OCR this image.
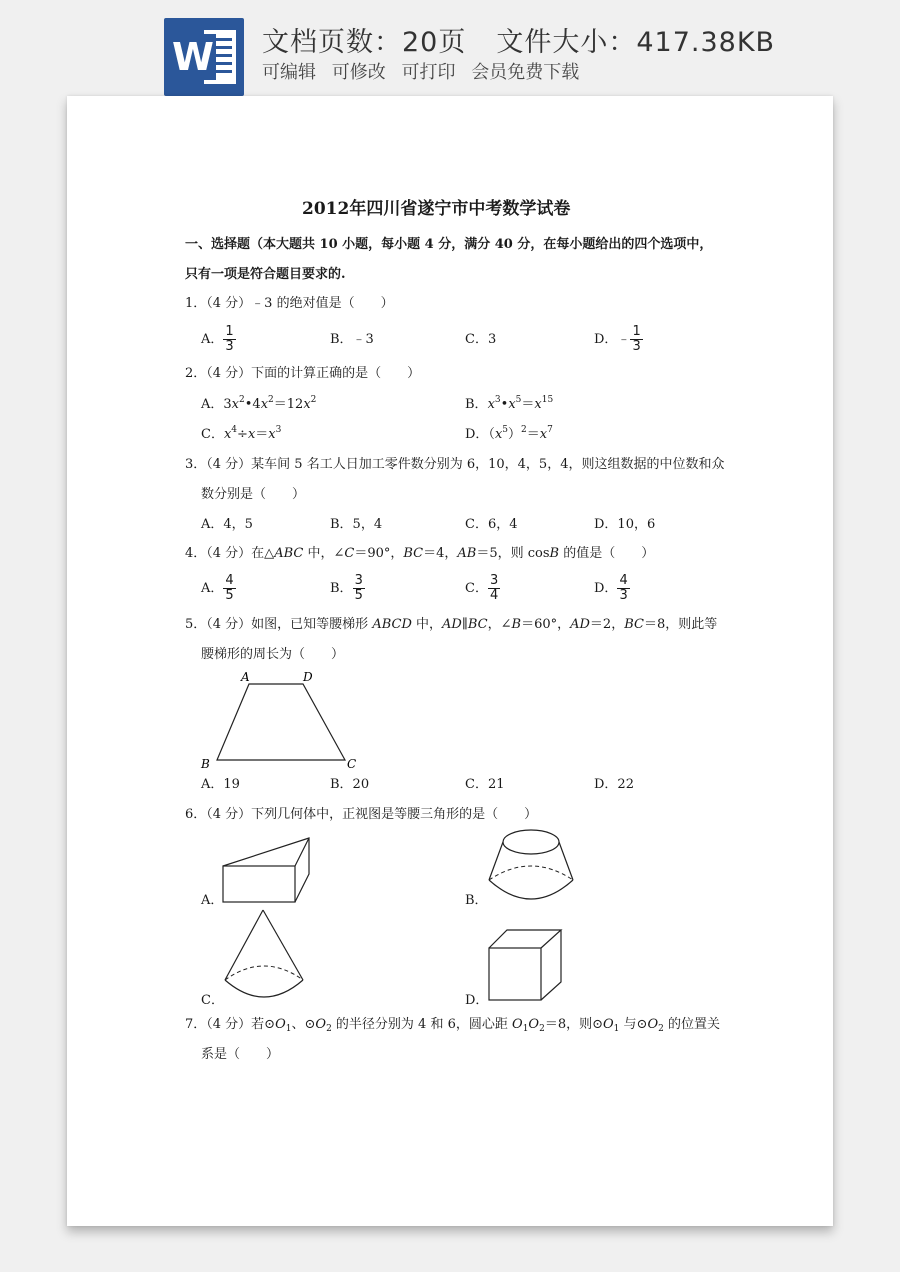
W 文档页数：20页 文件大小：417.38KB
可编辑 可修改 可打印 会员免费下载
2012年四川省遂宁市中考数学试卷
一、选择题（本大题共 10 小题，每小题 4 分，满分 40 分，在每小题给出的四个选项中，
只有一项是符合题目要求的.
1．（4 分）﹣3 的绝对值是（　　）
A． $\frac{1}{3}$	B．﹣3	C．3	D．﹣ $\frac{1}{3}$
2．（4 分）下面的计算正确的是（　　）
A．$3x^2•4x^2=12x^2$	B．$x^3•x^5=x^{15}$
C．$x^4\div x=x^3$	D．$(x^5)^2=x^7$
3．（4 分）某车间 5 名工人日加工零件数分别为 6，10，4，5，4，则这组数据的中位数和众
数分别是（　　）
A．4，5	B．5，4	C．6，4	D．10，6
4．（4 分）在△ABC 中，∠C＝90°，BC＝4，AB＝5，则 cosB 的值是（　　）
A． $\frac{4}{5}$	B． $\frac{3}{5}$	C． $\frac{3}{4}$	D． $\frac{4}{3}$
5．（4 分）如图，已知等腰梯形 ABCD 中，AD∥BC，∠B＝60°，AD＝2，BC＝8，则此等
腰梯形的周长为（　　）
A	D
B	C
A．19	B．20	C．21	D．22
6．（4 分）下列几何体中，正视图是等腰三角形的是（　　）
A．	B．
C．	D．
7．（4 分）若$⊙O_1$、$⊙O_2$ 的半径分别为 4 和 6，圆心距 $O_1O_2=8$，则$⊙O_1$ 与$⊙O_2$ 的位置关
系是（　　）
